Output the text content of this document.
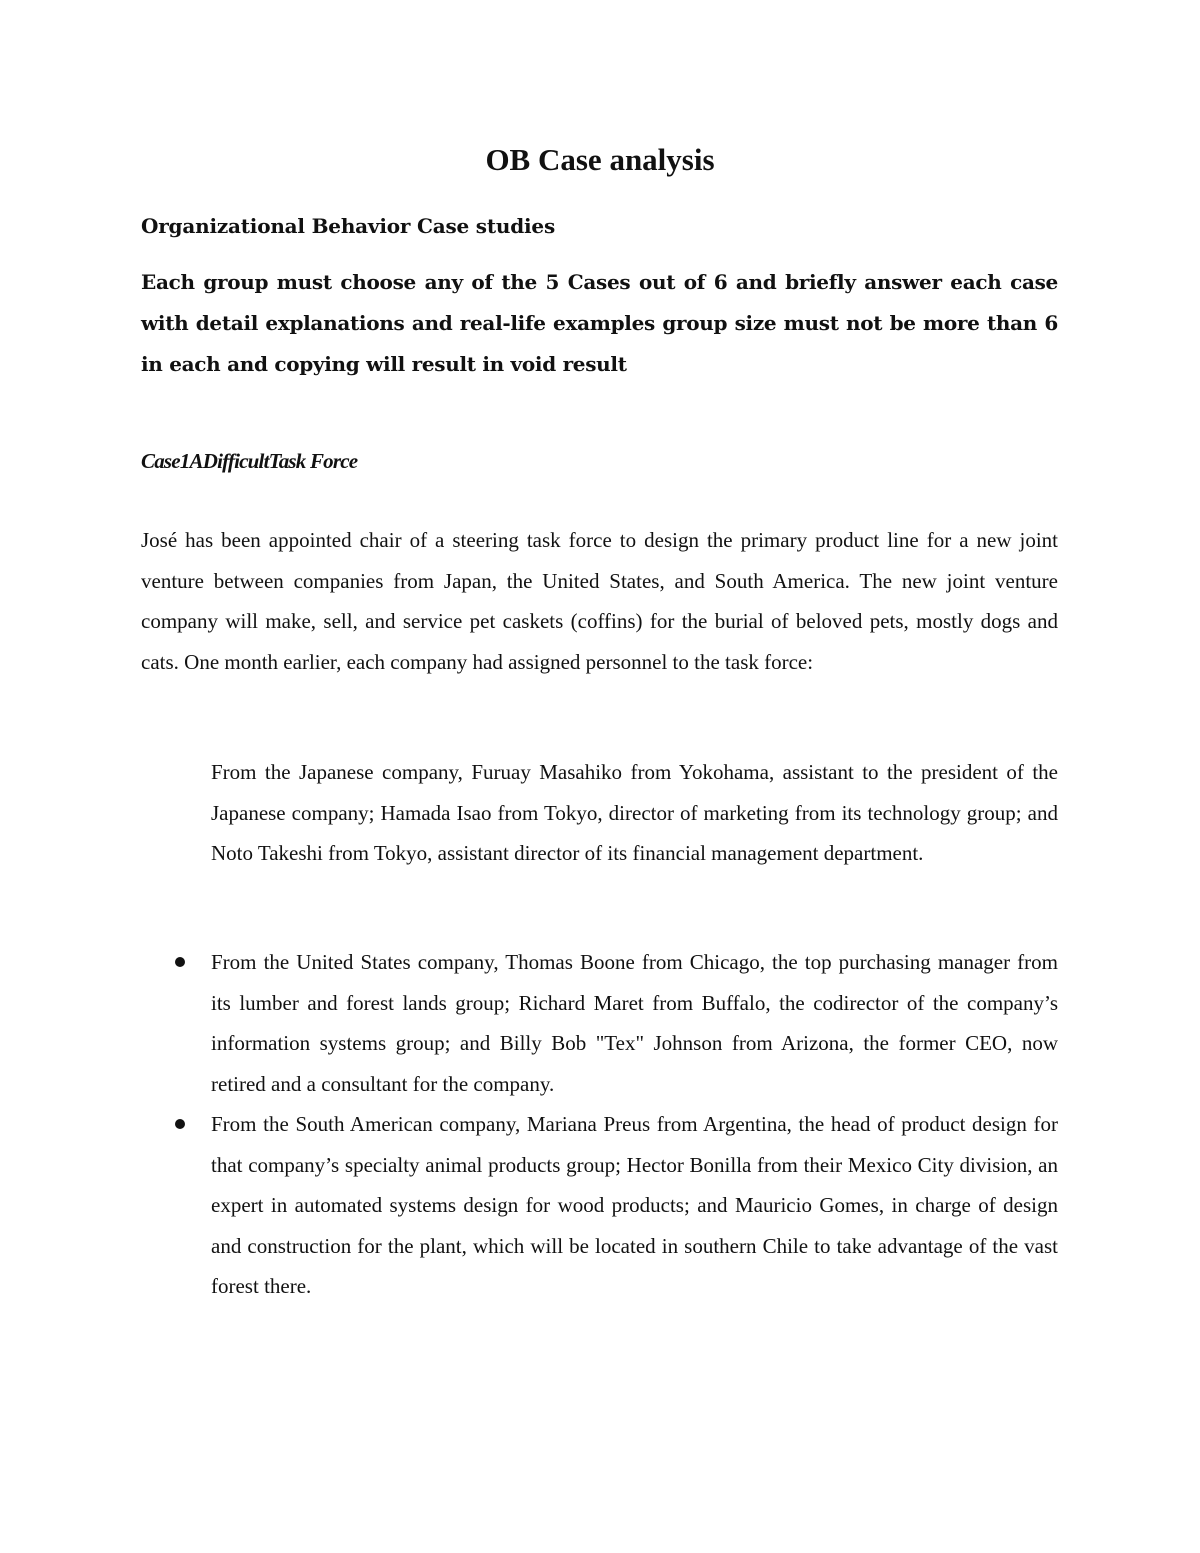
OB Case analysis

Organizational Behavior Case studies

Each group must choose any of the 5 Cases out of 6 and briefly answer each case with detail explanations and real-life examples group size must not be more than 6 in each and copying will result in void result

Case1ADifficultTask Force

José has been appointed chair of a steering task force to design the primary product line for a new joint venture between companies from Japan, the United States, and South America. The new joint venture company will make, sell, and service pet caskets (coffins) for the burial of beloved pets, mostly dogs and cats. One month earlier, each company had assigned personnel to the task force:

From the Japanese company, Furuay Masahiko from Yokohama, assistant to the president of the Japanese company; Hamada Isao from Tokyo, director of marketing from its technology group; and Noto Takeshi from Tokyo, assistant director of its financial management department.

From the United States company, Thomas Boone from Chicago, the top purchasing manager from its lumber and forest lands group; Richard Maret from Buffalo, the codirector of the company’s information systems group; and Billy Bob "Tex" Johnson from Arizona, the former CEO, now retired and a consultant for the company.
From the South American company, Mariana Preus from Argentina, the head of product design for that company’s specialty animal products group; Hector Bonilla from their Mexico City division, an expert in automated systems design for wood products; and Mauricio Gomes, in charge of design and construction for the plant, which will be located in southern Chile to take advantage of the vast forest there.
